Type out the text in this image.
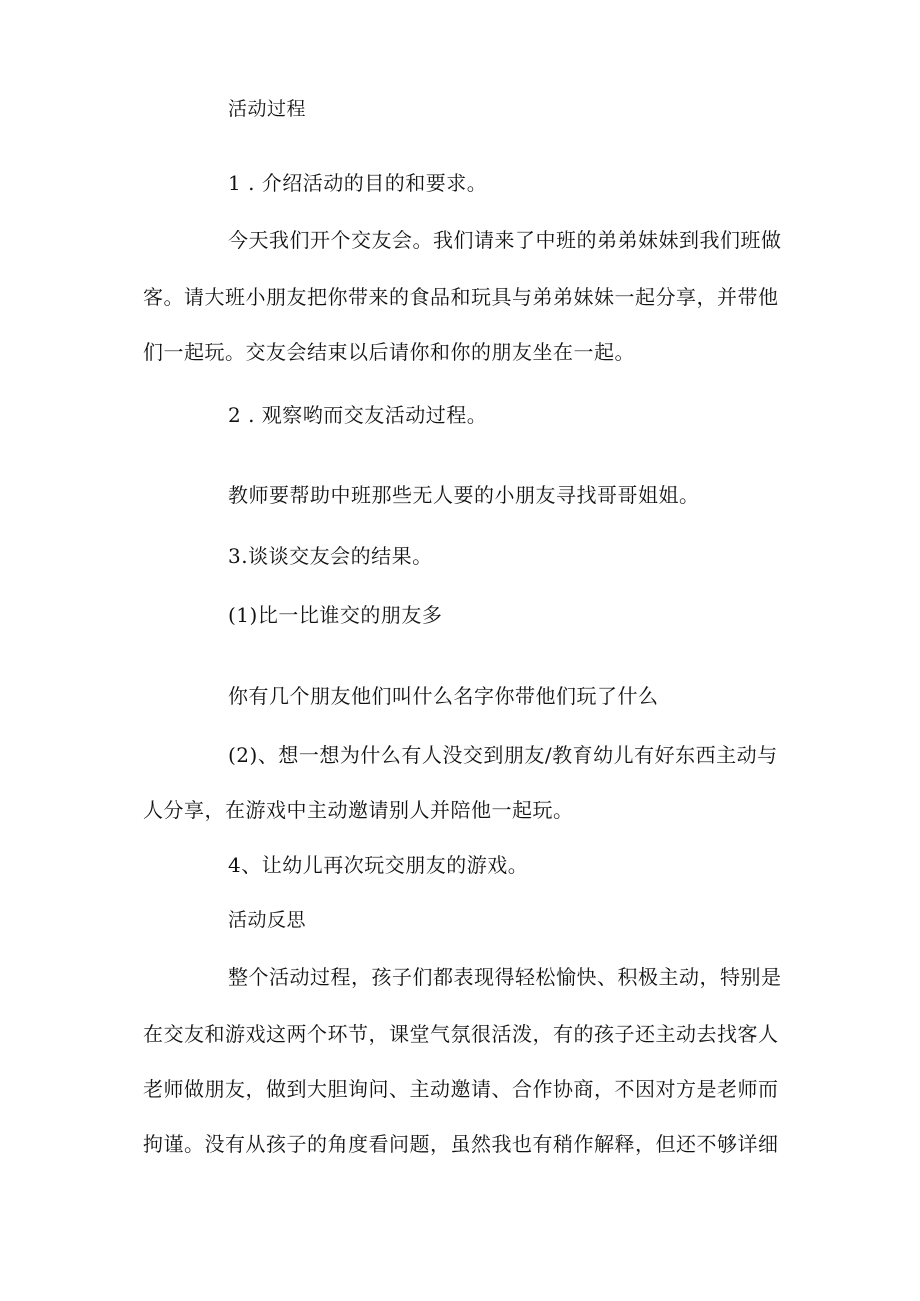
活动过程
1 . 介绍活动的目的和要求。
今天我们开个交友会。我们请来了中班的弟弟妹妹到我们班做
客。请大班小朋友把你带来的食品和玩具与弟弟妹妹一起分享，并带他
们一起玩。交友会结束以后请你和你的朋友坐在一起。
2 . 观察哟而交友活动过程。
教师要帮助中班那些无人要的小朋友寻找哥哥姐姐。
3.谈谈交友会的结果。
(1)比一比谁交的朋友多
你有几个朋友他们叫什么名字你带他们玩了什么
(2)、想一想为什么有人没交到朋友/教育幼儿有好东西主动与
人分享，在游戏中主动邀请别人并陪他一起玩。
4、让幼儿再次玩交朋友的游戏。
活动反思
整个活动过程，孩子们都表现得轻松愉快、积极主动，特别是
在交友和游戏这两个环节，课堂气氛很活泼，有的孩子还主动去找客人
老师做朋友，做到大胆询问、主动邀请、合作协商，不因对方是老师而
拘谨。没有从孩子的角度看问题，虽然我也有稍作解释，但还不够详细
